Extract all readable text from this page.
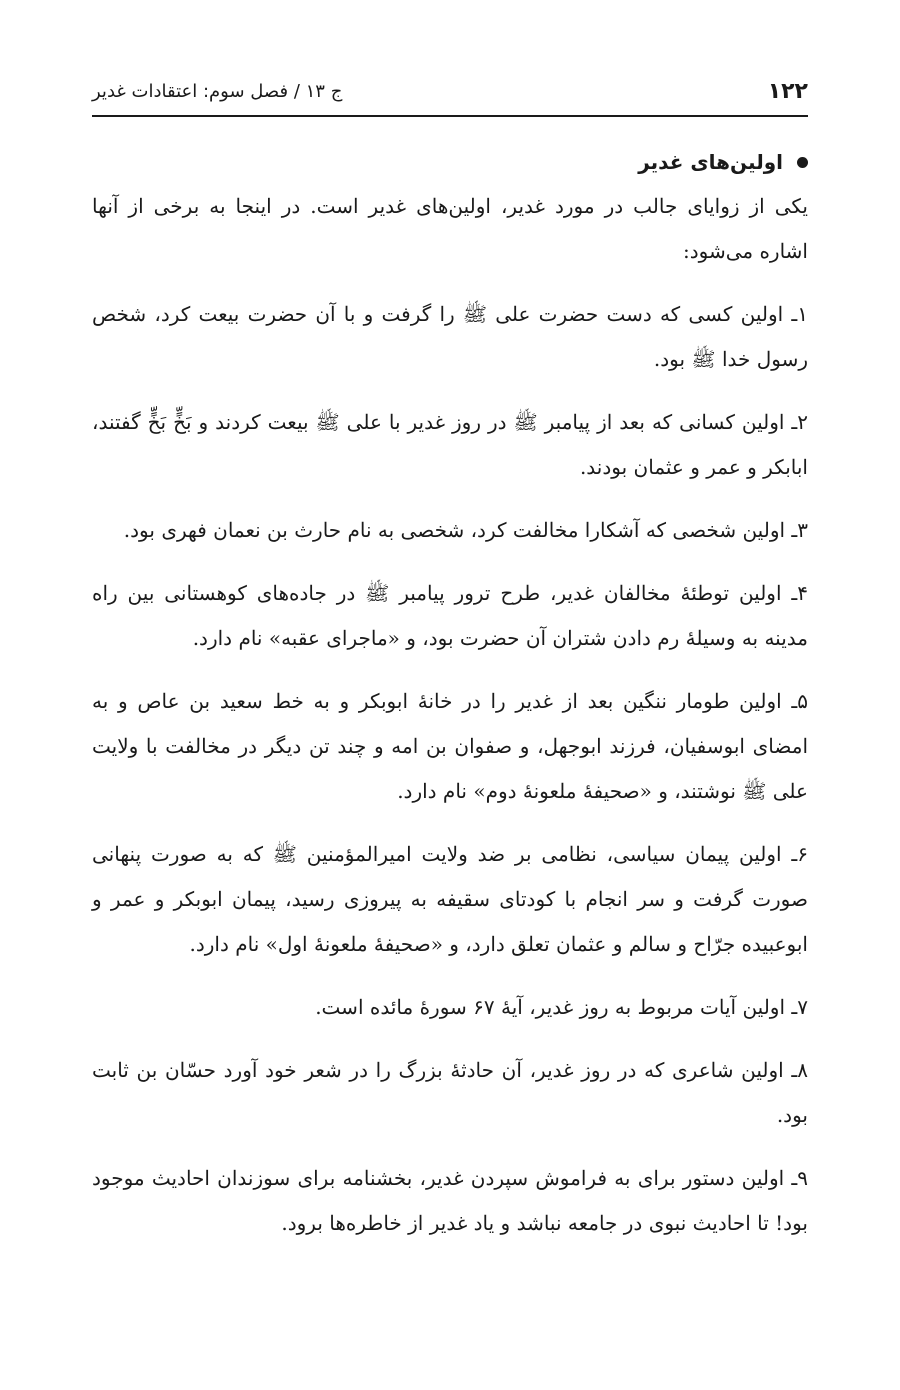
۱۲۲
ج ۱۳ / فصل سوم: اعتقادات غدیر
اولین‌های غدیر

یکی از زوایای جالب در مورد غدیر، اولین‌های غدیر است. در اینجا به برخی از آنها اشاره می‌شود:

۱ـ اولین کسی که دست حضرت علی ﷺ را گرفت و با آن حضرت بیعت کرد، شخص رسول خدا ﷺ بود.

۲ـ اولین کسانی که بعد از پیامبر ﷺ در روز غدیر با علی ﷺ بیعت کردند و بَخٍّ بَخٍّ گفتند، ابابکر و عمر و عثمان بودند.

۳ـ اولین شخصی که آشکارا مخالفت کرد، شخصی به نام حارث بن نعمان فهری بود.

۴ـ اولین توطئهٔ مخالفان غدیر، طرح ترور پیامبر ﷺ در جاده‌های کوهستانی بین راه مدینه به وسیلهٔ رم دادن شتران آن حضرت بود، و «ماجرای عقبه» نام دارد.

۵ـ اولین طومار ننگین بعد از غدیر را در خانهٔ ابوبکر و به خط سعید بن عاص و به امضای ابوسفیان، فرزند ابوجهل، و صفوان بن امه و چند تن دیگر در مخالفت با ولایت علی ﷺ نوشتند، و «صحیفهٔ ملعونهٔ دوم» نام دارد.

۶ـ اولین پیمان سیاسی، نظامی بر ضد ولایت امیرالمؤمنین ﷺ که به صورت پنهانی صورت گرفت و سر انجام با کودتای سقیفه به پیروزی رسید، پیمان ابوبکر و عمر و ابوعبیده جرّاح و سالم و عثمان تعلق دارد، و «صحیفهٔ ملعونهٔ اول» نام دارد.

۷ـ اولین آیات مربوط به روز غدیر، آیهٔ ۶۷ سورهٔ مائده است.

۸ـ اولین شاعری که در روز غدیر، آن حادثهٔ بزرگ را در شعر خود آورد حسّان بن ثابت بود.

۹ـ اولین دستور برای به فراموش سپردن غدیر، بخشنامه برای سوزندان احادیث موجود بود! تا احادیث نبوی در جامعه نباشد و یاد غدیر از خاطره‌ها برود.
